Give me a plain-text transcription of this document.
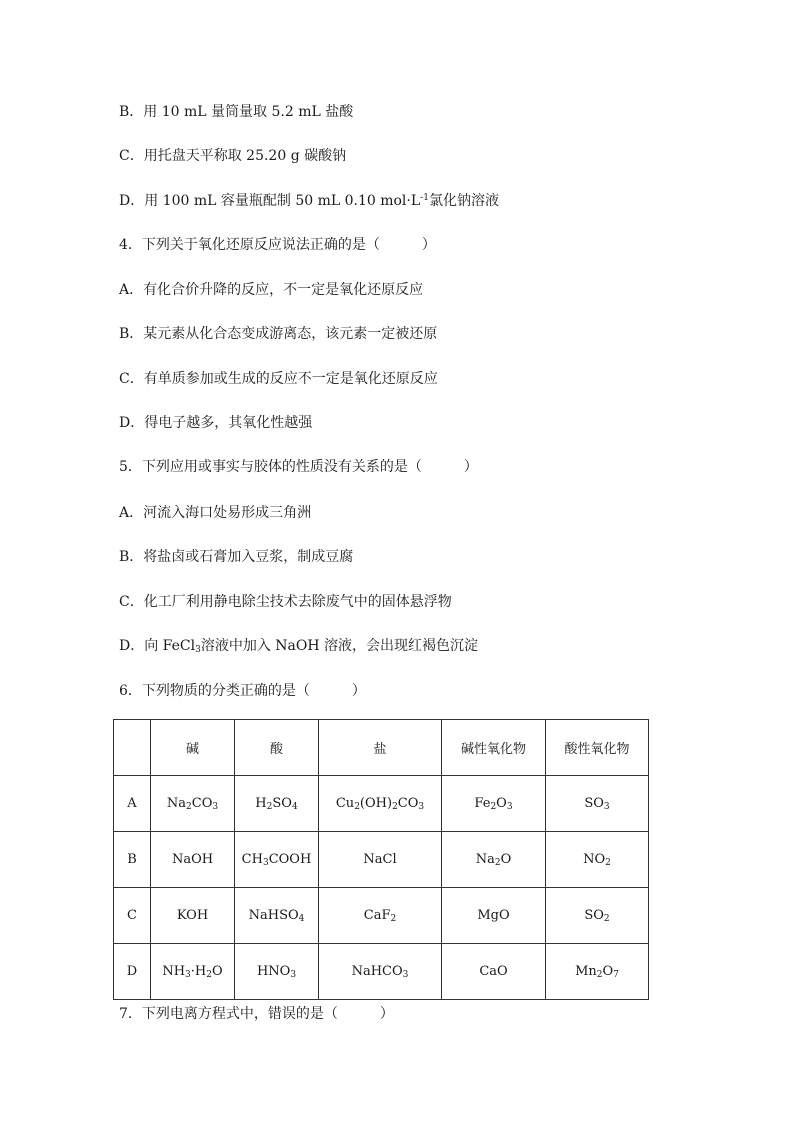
B．用 10 mL 量筒量取 5.2 mL 盐酸
C．用托盘天平称取 25.20 g 碳酸钠
D．用 100 mL 容量瓶配制 50 mL 0.10 $mol\cdot L^{-1}$氯化钠溶液
4．下列关于氧化还原反应说法正确的是（　　　）
A．有化合价升降的反应，不一定是氧化还原反应
B．某元素从化合态变成游离态，该元素一定被还原
C．有单质参加或生成的反应不一定是氧化还原反应
D．得电子越多，其氧化性越强
5．下列应用或事实与胶体的性质没有关系的是（　　　）
A．河流入海口处易形成三角洲
B．将盐卤或石膏加入豆浆，制成豆腐
C．化工厂利用静电除尘技术去除废气中的固体悬浮物
D．向 FeCl$_3$溶液中加入 NaOH 溶液，会出现红褐色沉淀
6．下列物质的分类正确的是（　　　）
	碱	酸	盐	碱性氧化物	酸性氧化物
A	$Na_2CO_3$	$H_2SO_4$	$Cu_2(OH)_2CO_3$	$Fe_2O_3$	$SO_3$
B	NaOH	$CH_3COOH$	NaCl	$Na_2O$	$NO_2$
C	KOH	NaHSO$_4$	CaF$_2$	MgO	$SO_2$
D	$NH_3\cdot H_2O$	$HNO_3$	NaHCO$_3$	CaO	$Mn_2O_7$
7．下列电离方程式中，错误的是（　　　）
